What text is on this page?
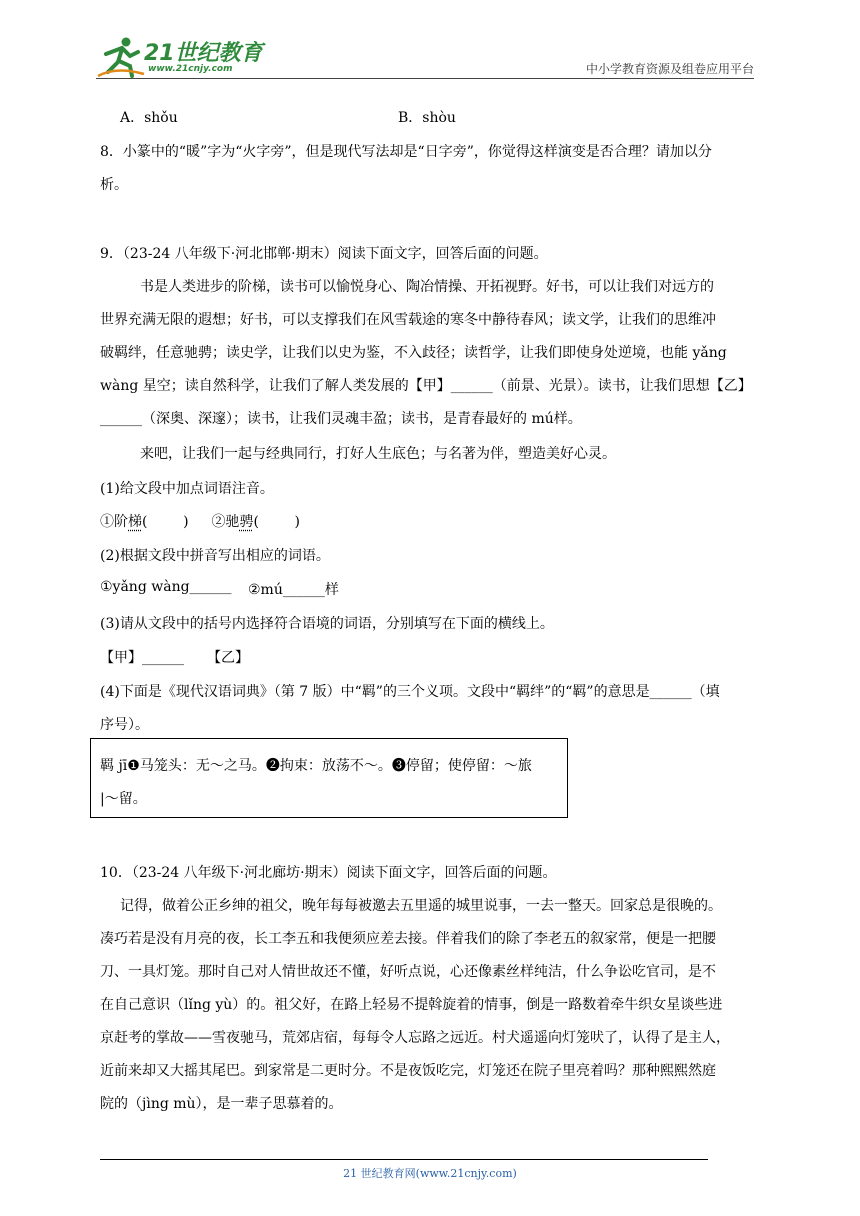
21世纪教育
www.21cnjy.com	中小学教育资源及组卷应用平台
A．shǒu	B．shòu
8．小篆中的“暖”字为“火字旁”，但是现代写法却是“日字旁”，你觉得这样演变是否合理？请加以分
析。
9．（23-24 八年级下·河北邯郸·期末）阅读下面文字，回答后面的问题。
书是人类进步的阶梯，读书可以愉悦身心、陶冶情操、开拓视野。好书，可以让我们对远方的
世界充满无限的遐想；好书，可以支撑我们在风雪载途的寒冬中静待春风；读文学，让我们的思维冲
破羁绊，任意驰骋；读史学，让我们以史为鉴，不入歧径；读哲学，让我们即使身处逆境，也能 yǎng
wàng 星空；读自然科学，让我们了解人类发展的【甲】______（前景、光景）。读书，让我们思想【乙】
______（深奥、深邃）；读书，让我们灵魂丰盈；读书，是青春最好的 mú样。
来吧，让我们一起与经典同行，打好人生底色；与名著为伴，塑造美好心灵。
(1)给文段中加点词语注音。
①阶梯(        ) ②驰骋(        )
(2)根据文段中拼音写出相应的词语。
①yǎng wàng______ ②mú______样
(3)请从文段中的括号内选择符合语境的词语，分别填写在下面的横线上。
【甲】______ 【乙】
(4)下面是《现代汉语词典》（第 7 版）中“羁”的三个义项。文段中“羁绊”的“羁”的意思是______（填
序号）。
羁 jī❶马笼头：无～之马。❷拘束：放荡不～。❸停留；使停留：～旅
|～留。
10．（23-24 八年级下·河北廊坊·期末）阅读下面文字，回答后面的问题。
记得，做着公正乡绅的祖父，晚年每每被邀去五里遥的城里说事，一去一整天。回家总是很晚的。
凑巧若是没有月亮的夜，长工李五和我便须应差去接。伴着我们的除了李老五的叙家常，便是一把腰
刀、一具灯笼。那时自己对人情世故还不懂，好听点说，心还像素丝样纯洁，什么争讼吃官司，是不
在自己意识（lǐng yù）的。祖父好，在路上轻易不提斡旋着的情事，倒是一路数着牵牛织女星谈些进
京赶考的掌故——雪夜驰马，荒郊店宿，每每令人忘路之远近。村犬遥遥向灯笼吠了，认得了是主人，
近前来却又大摇其尾巴。到家常是二更时分。不是夜饭吃完，灯笼还在院子里亮着吗？那种熙熙然庭
院的（jìng mù），是一辈子思慕着的。
21 世纪教育网(www.21cnjy.com)
